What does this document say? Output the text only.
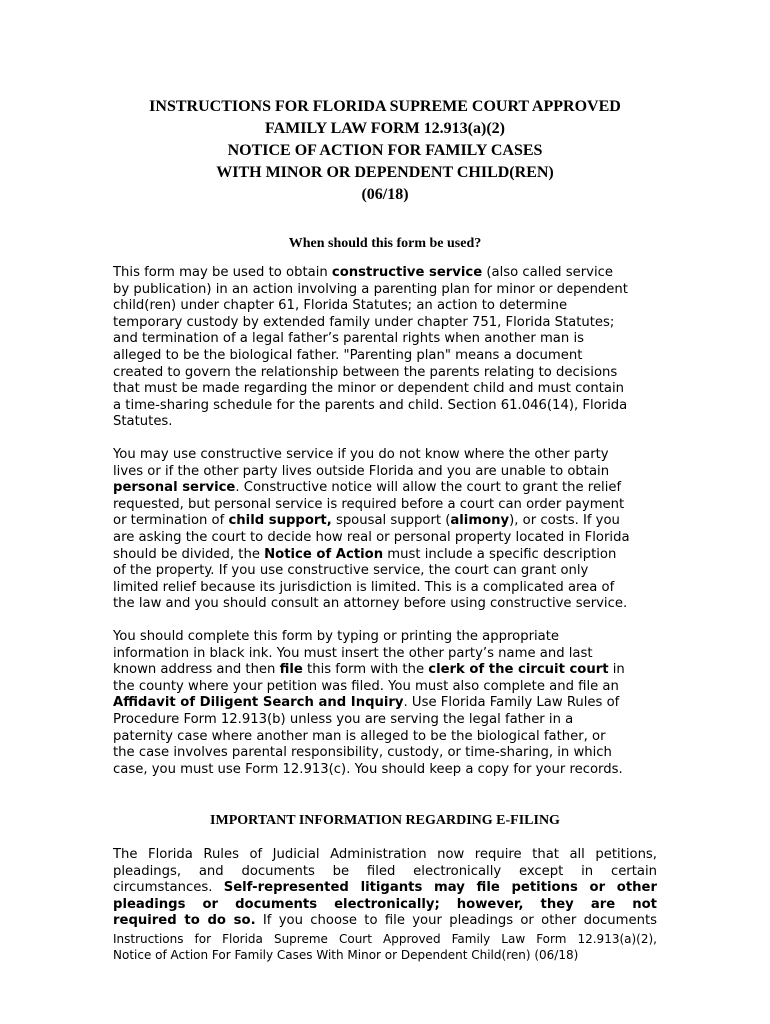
INSTRUCTIONS FOR FLORIDA SUPREME COURT APPROVED
FAMILY LAW FORM 12.913(a)(2)
NOTICE OF ACTION FOR FAMILY CASES
WITH MINOR OR DEPENDENT CHILD(REN)
(06/18)
When should this form be used?
This form may be used to obtain constructive service (also called service
by publication) in an action involving a parenting plan for minor or dependent
child(ren) under chapter 61, Florida Statutes; an action to determine
temporary custody by extended family under chapter 751, Florida Statutes;
and termination of a legal father’s parental rights when another man is
alleged to be the biological father. "Parenting plan" means a document
created to govern the relationship between the parents relating to decisions
that must be made regarding the minor or dependent child and must contain
a time-sharing schedule for the parents and child. Section 61.046(14), Florida
Statutes.
You may use constructive service if you do not know where the other party
lives or if the other party lives outside Florida and you are unable to obtain
personal service. Constructive notice will allow the court to grant the relief
requested, but personal service is required before a court can order payment
or termination of child support, spousal support (alimony), or costs. If you
are asking the court to decide how real or personal property located in Florida
should be divided, the Notice of Action must include a specific description
of the property. If you use constructive service, the court can grant only
limited relief because its jurisdiction is limited. This is a complicated area of
the law and you should consult an attorney before using constructive service.
You should complete this form by typing or printing the appropriate
information in black ink. You must insert the other party’s name and last
known address and then file this form with the clerk of the circuit court in
the county where your petition was filed. You must also complete and file an
Affidavit of Diligent Search and Inquiry. Use Florida Family Law Rules of
Procedure Form 12.913(b) unless you are serving the legal father in a
paternity case where another man is alleged to be the biological father, or
the case involves parental responsibility, custody, or time-sharing, in which
case, you must use Form 12.913(c). You should keep a copy for your records.
IMPORTANT INFORMATION REGARDING E-FILING
The Florida Rules of Judicial Administration now require that all petitions,
pleadings, and documents be filed electronically except in certain
circumstances. Self-represented litigants may file petitions or other
pleadings or documents electronically; however, they are not
required to do so. If you choose to file your pleadings or other documents
Instructions for Florida Supreme Court Approved Family Law Form 12.913(a)(2),
Notice of Action For Family Cases With Minor or Dependent Child(ren) (06/18)
